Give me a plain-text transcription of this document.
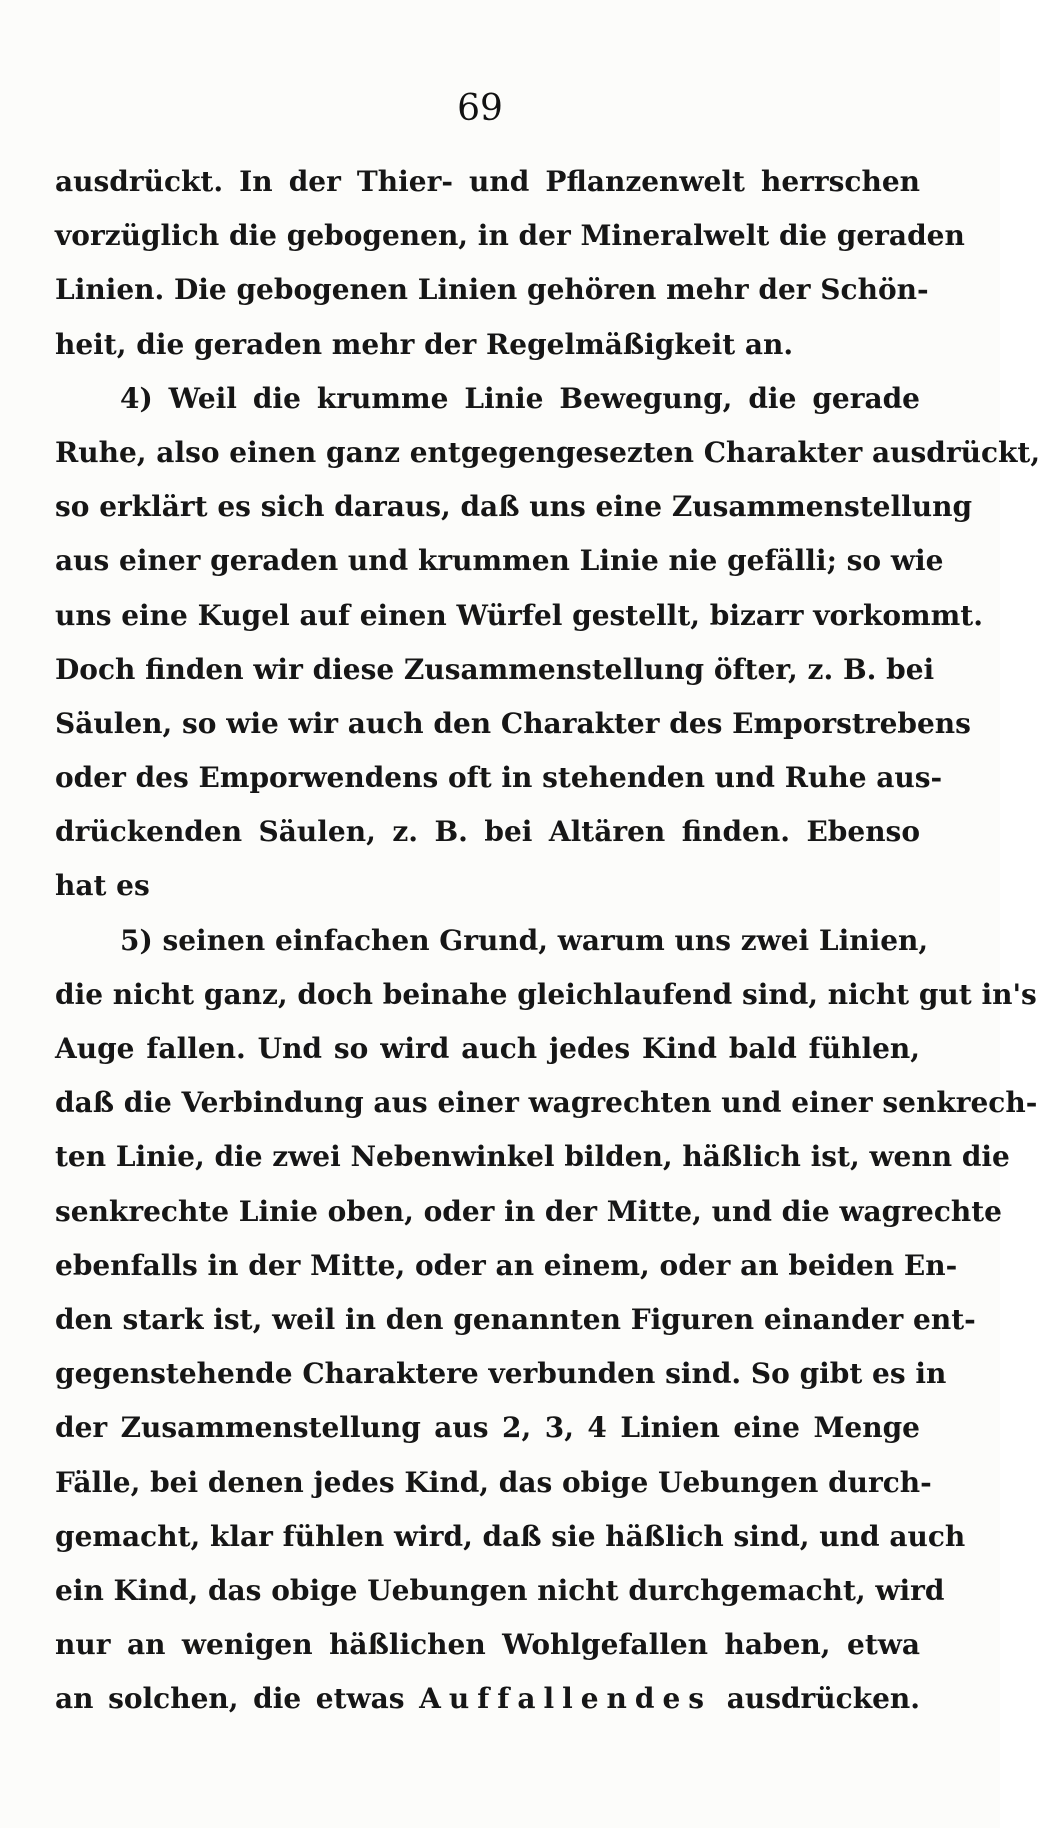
69
ausdrückt. In der Thier- und Pflanzenwelt herrschen
vorzüglich die gebogenen, in der Mineralwelt die geraden
Linien. Die gebogenen Linien gehören mehr der Schön-
heit, die geraden mehr der Regelmäßigkeit an.
4) Weil die krumme Linie Bewegung, die gerade
Ruhe, also einen ganz entgegengesezten Charakter ausdrückt,
so erklärt es sich daraus, daß uns eine Zusammenstellung
aus einer geraden und krummen Linie nie gefälli; so wie
uns eine Kugel auf einen Würfel gestellt, bizarr vorkommt.
Doch finden wir diese Zusammenstellung öfter, z. B. bei
Säulen, so wie wir auch den Charakter des Emporstrebens
oder des Emporwendens oft in stehenden und Ruhe aus-
drückenden Säulen, z. B. bei Altären finden. Ebenso
hat es
5) seinen einfachen Grund, warum uns zwei Linien,
die nicht ganz, doch beinahe gleichlaufend sind, nicht gut in's
Auge fallen. Und so wird auch jedes Kind bald fühlen,
daß die Verbindung aus einer wagrechten und einer senkrech-
ten Linie, die zwei Nebenwinkel bilden, häßlich ist, wenn die
senkrechte Linie oben, oder in der Mitte, und die wagrechte
ebenfalls in der Mitte, oder an einem, oder an beiden En-
den stark ist, weil in den genannten Figuren einander ent-
gegenstehende Charaktere verbunden sind. So gibt es in
der Zusammenstellung aus 2, 3, 4 Linien eine Menge
Fälle, bei denen jedes Kind, das obige Uebungen durch-
gemacht, klar fühlen wird, daß sie häßlich sind, und auch
ein Kind, das obige Uebungen nicht durchgemacht, wird
nur an wenigen häßlichen Wohlgefallen haben, etwa
an solchen, die etwas Auffallendes ausdrücken.
